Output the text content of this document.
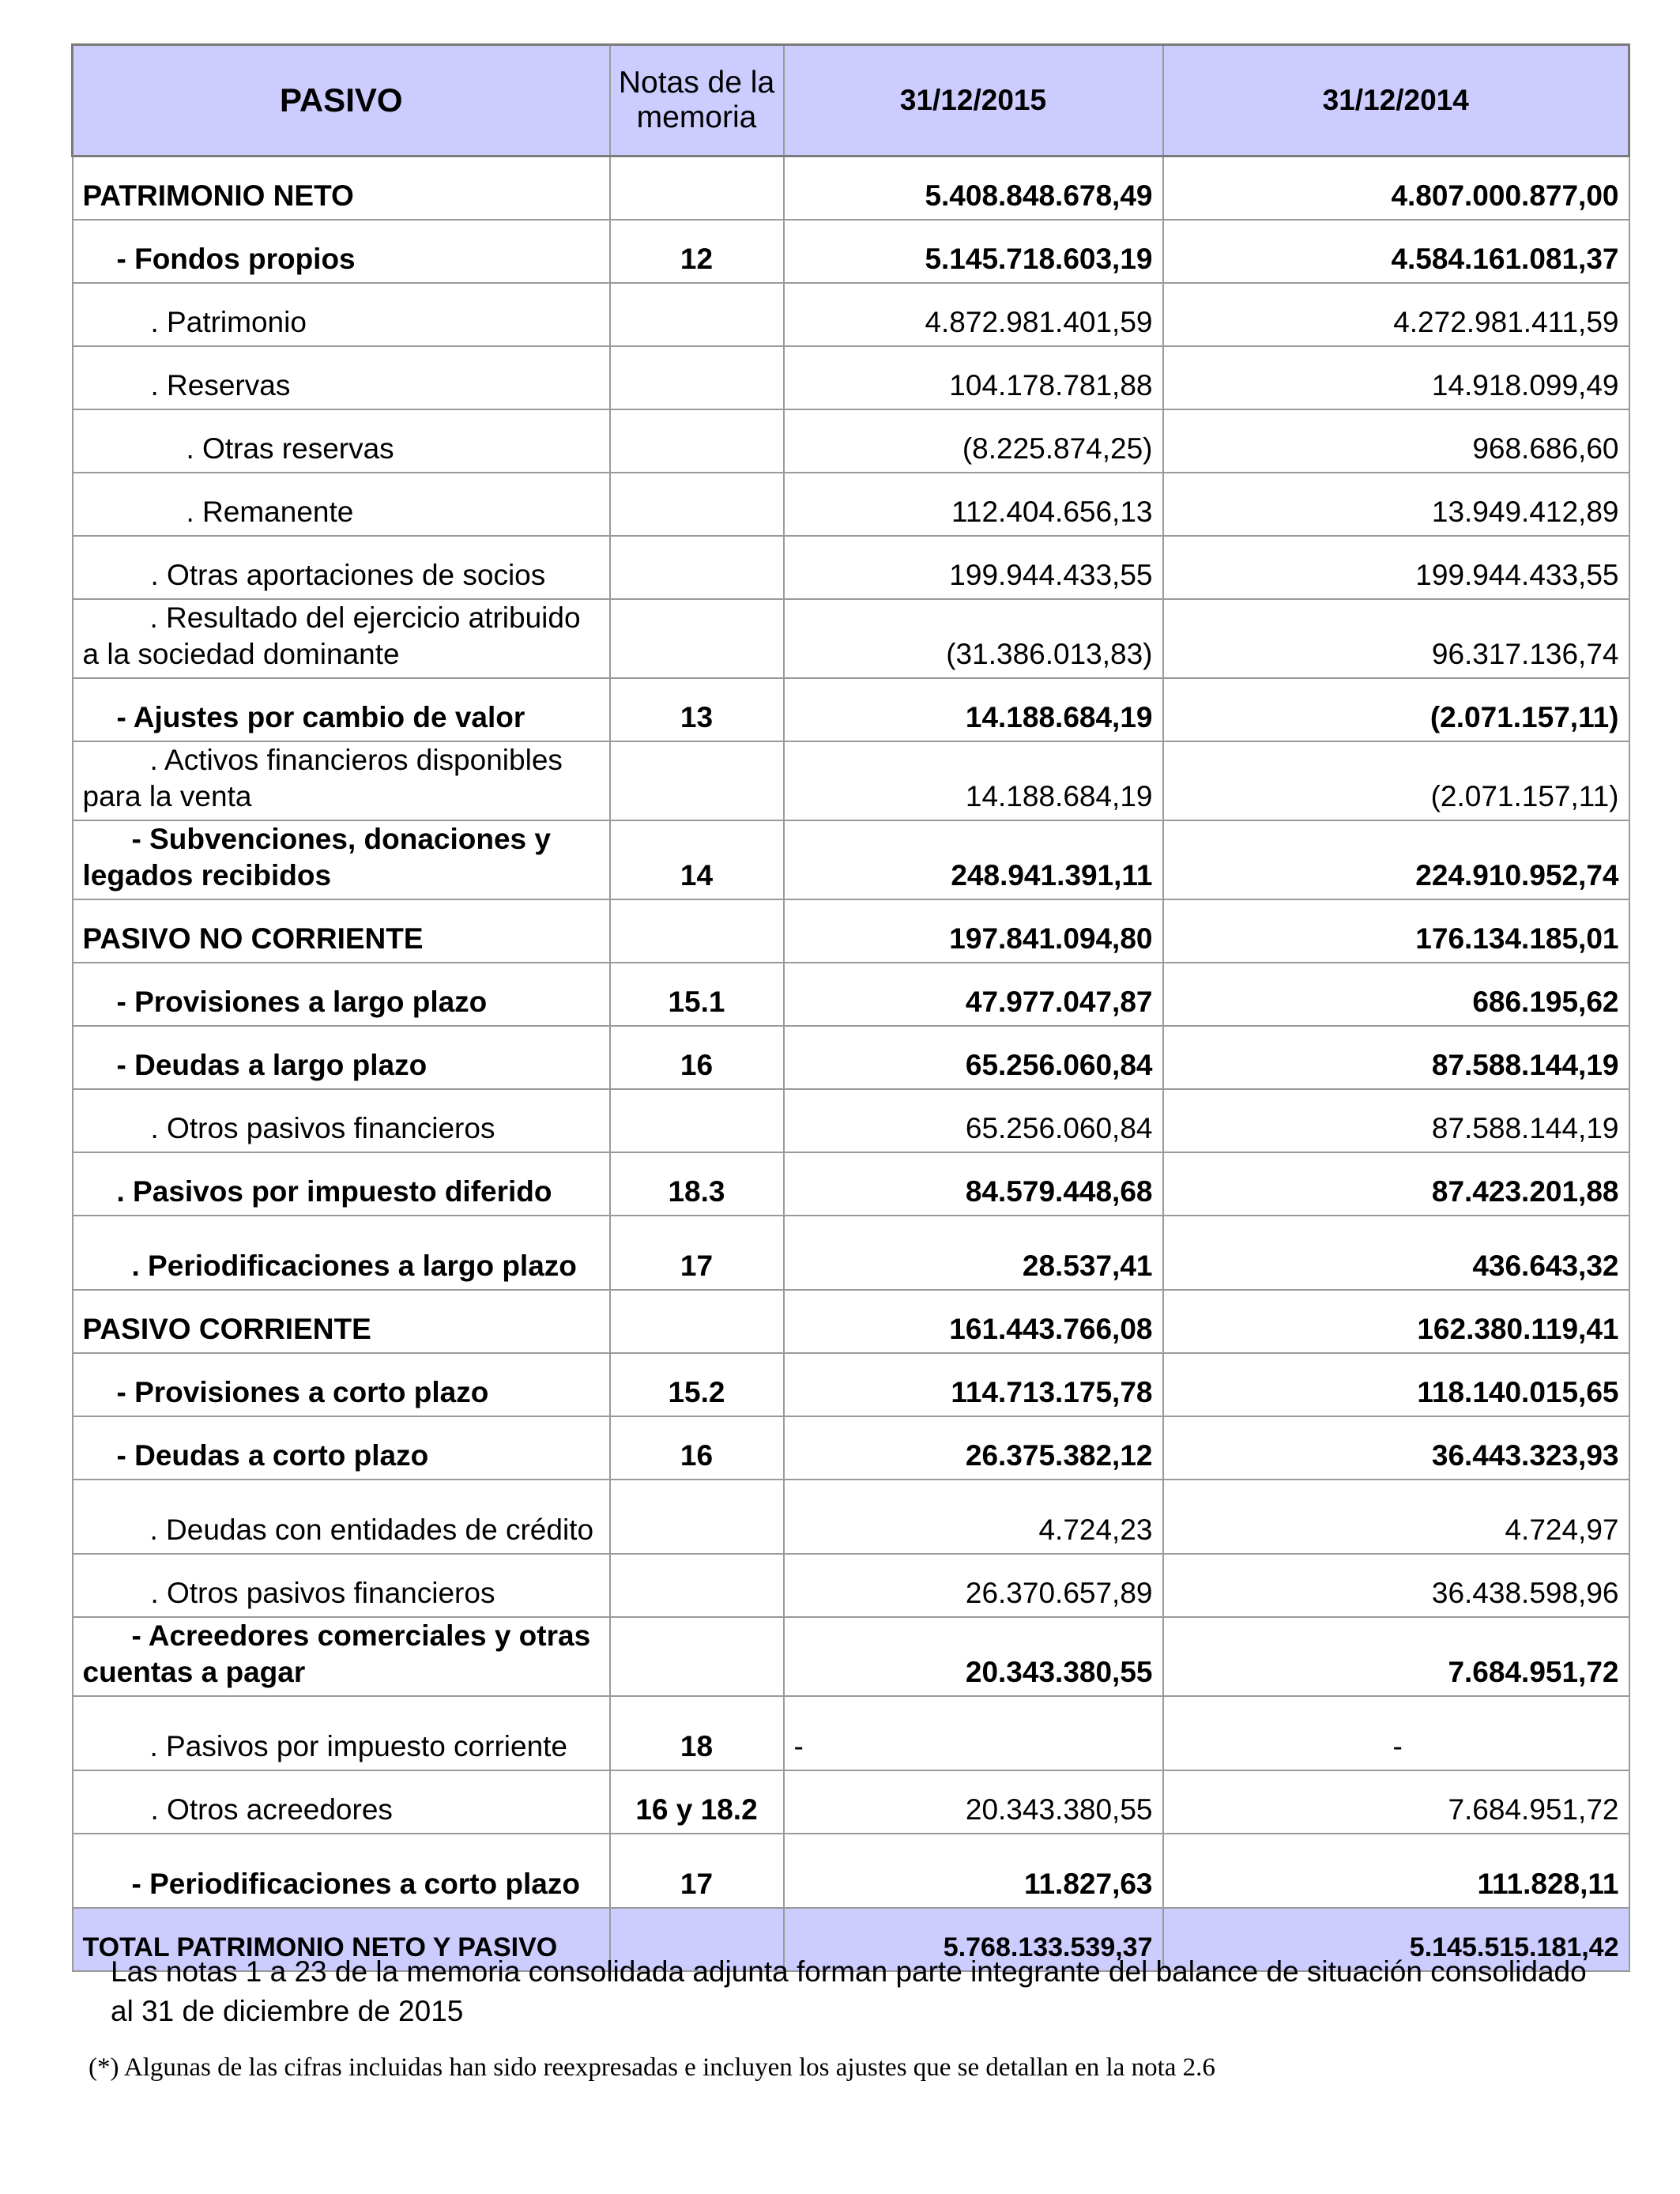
PASIVO	Notas de la memoria	31/12/2015	31/12/2014
PATRIMONIO NETO		5.408.848.678,49	4.807.000.877,00
- Fondos propios	12	5.145.718.603,19	4.584.161.081,37
. Patrimonio		4.872.981.401,59	4.272.981.411,59
. Reservas		104.178.781,88	14.918.099,49
. Otras reservas		(8.225.874,25)	968.686,60
. Remanente		112.404.656,13	13.949.412,89
. Otras aportaciones de socios		199.944.433,55	199.944.433,55
. Resultado del ejercicio atribuido a la sociedad dominante		(31.386.013,83)	96.317.136,74
- Ajustes por cambio de valor	13	14.188.684,19	(2.071.157,11)
. Activos financieros disponibles para la venta		14.188.684,19	(2.071.157,11)
- Subvenciones, donaciones y legados recibidos	14	248.941.391,11	224.910.952,74
PASIVO NO CORRIENTE		197.841.094,80	176.134.185,01
- Provisiones a largo plazo	15.1	47.977.047,87	686.195,62
- Deudas a largo plazo	16	65.256.060,84	87.588.144,19
. Otros pasivos financieros		65.256.060,84	87.588.144,19
. Pasivos por impuesto diferido	18.3	84.579.448,68	87.423.201,88
. Periodificaciones a largo plazo	17	28.537,41	436.643,32
PASIVO CORRIENTE		161.443.766,08	162.380.119,41
- Provisiones a corto plazo	15.2	114.713.175,78	118.140.015,65
- Deudas a corto plazo	16	26.375.382,12	36.443.323,93
. Deudas con entidades de crédito		4.724,23	4.724,97
. Otros pasivos financieros		26.370.657,89	36.438.598,96
- Acreedores comerciales y otras cuentas a pagar		20.343.380,55	7.684.951,72
. Pasivos por impuesto corriente	18	-	-
. Otros acreedores	16 y 18.2	20.343.380,55	7.684.951,72
- Periodificaciones a corto plazo	17	11.827,63	111.828,11
TOTAL PATRIMONIO NETO Y PASIVO		5.768.133.539,37	5.145.515.181,42
Las notas 1 a 23 de la memoria consolidada adjunta forman parte integrante del balance de situación consolidado al 31 de diciembre de 2015
(*) Algunas de las cifras incluidas han sido reexpresadas e incluyen los ajustes que se detallan en la nota 2.6
